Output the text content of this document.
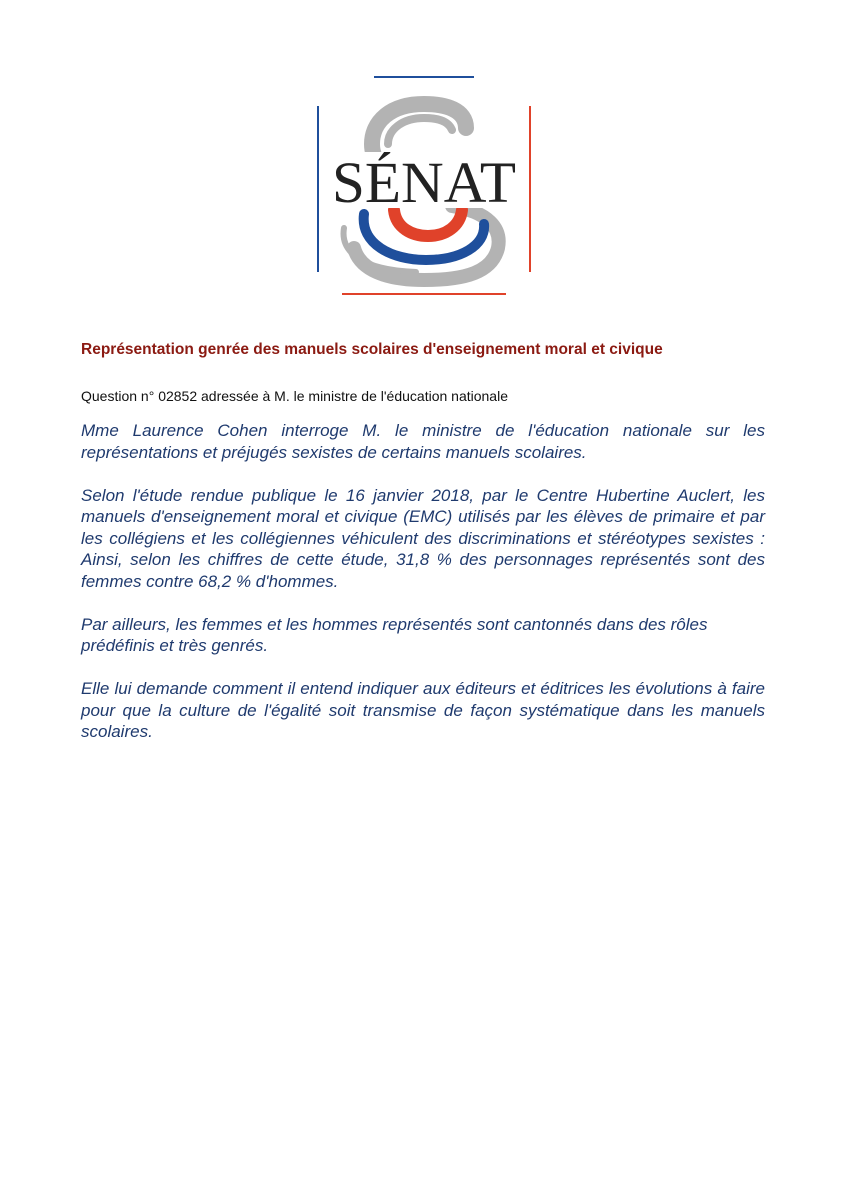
SÉNAT
Représentation genrée des manuels scolaires d'enseignement moral et civique

Question n° 02852 adressée à M. le ministre de l'éducation nationale

Mme Laurence Cohen interroge M. le ministre de l'éducation nationale sur les représentations et préjugés sexistes de certains manuels scolaires.

Selon l'étude rendue publique le 16 janvier 2018, par le Centre Hubertine Auclert, les manuels d'enseignement moral et civique (EMC) utilisés par les élèves de primaire et par les collégiens et les collégiennes véhiculent des discriminations et stéréotypes sexistes : Ainsi, selon les chiffres de cette étude, 31,8 % des personnages représentés sont des femmes contre 68,2 % d'hommes.

Par ailleurs, les femmes et les hommes représentés sont cantonnés dans des rôles prédéfinis et très genrés.

Elle lui demande comment il entend indiquer aux éditeurs et éditrices les évolutions à faire pour que la culture de l'égalité soit transmise de façon systématique dans les manuels scolaires.
